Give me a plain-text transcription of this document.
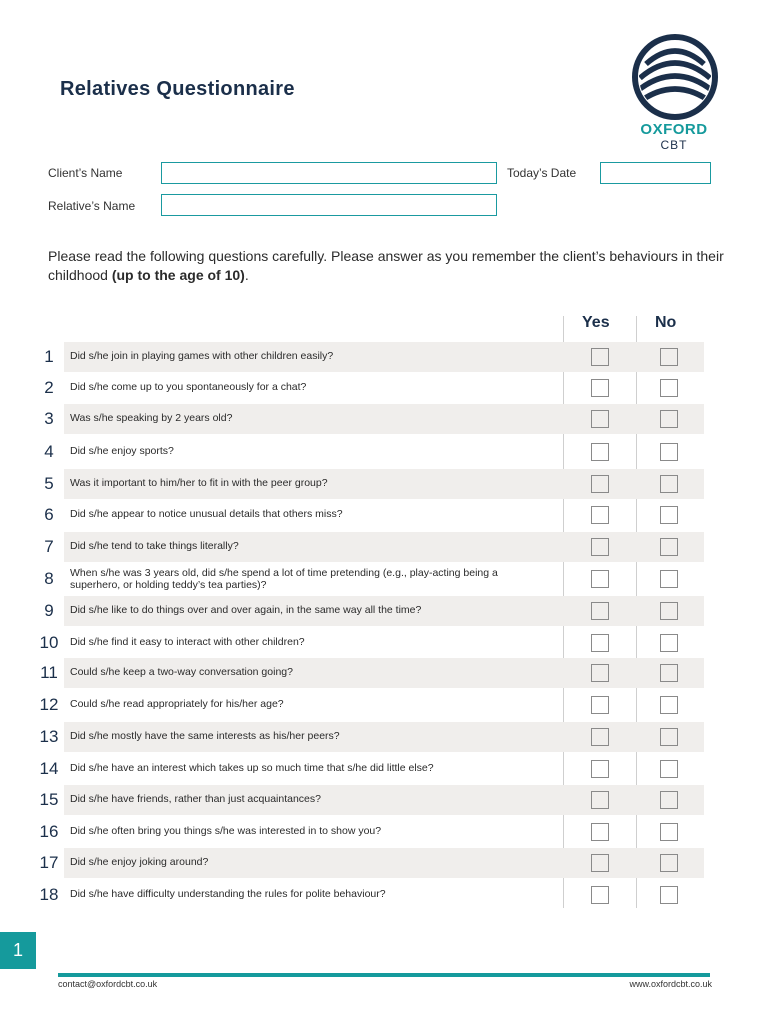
Relatives Questionnaire
OXFORD
CBT
Client’s Name	Today’s Date
Relative’s Name
Please read the following questions carefully. Please answer as you remember the client’s behaviours in their childhood (up to the age of 10).
Yes	No
1	Did s/he join in playing games with other children easily?
2	Did s/he come up to you spontaneously for a chat?
3	Was s/he speaking by 2 years old?
4	Did s/he enjoy sports?
5	Was it important to him/her to fit in with the peer group?
6	Did s/he appear to notice unusual details that others miss?
7	Did s/he tend to take things literally?
8	When s/he was 3 years old, did s/he spend a lot of time pretending (e.g., play-acting being a superhero, or holding teddy’s tea parties)?
9	Did s/he like to do things over and over again, in the same way all the time?
10 Did s/he find it easy to interact with other children?
11 Could s/he keep a two-way conversation going?
12 Could s/he read appropriately for his/her age?
13 Did s/he mostly have the same interests as his/her peers?
14 Did s/he have an interest which takes up so much time that s/he did little else?
15 Did s/he have friends, rather than just acquaintances?
16 Did s/he often bring you things s/he was interested in to show you?
17 Did s/he enjoy joking around?
18 Did s/he have difficulty understanding the rules for polite behaviour?
1
contact@oxfordcbt.co.uk	www.oxfordcbt.co.uk
